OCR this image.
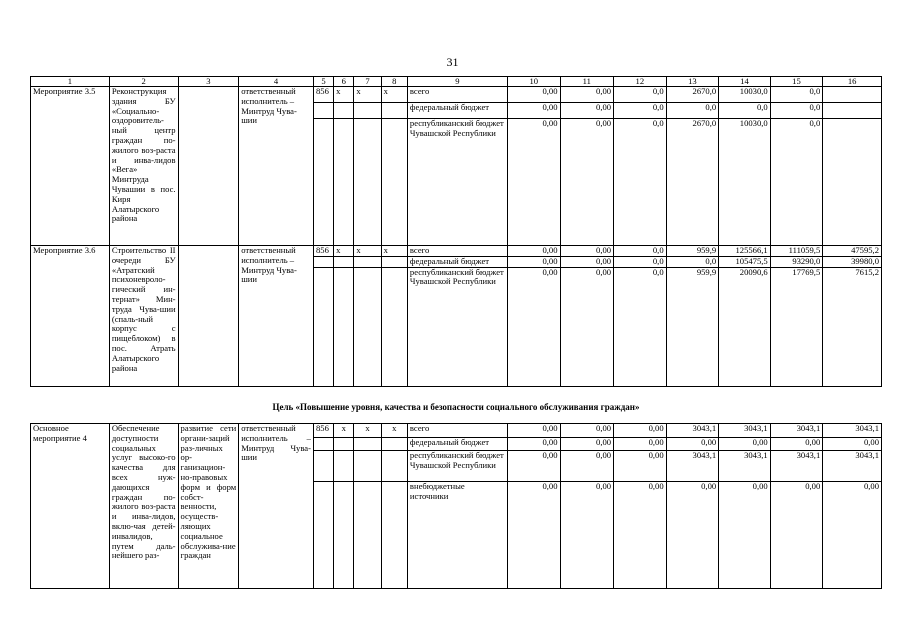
31
1	2	3	4	5	6	7	8	9	10	11	12	13	14	15	16
Мероприятие 3.5	Реконструкция здания БУ «Социально-оздоровитель-ный центр граждан по-жилого воз-раста и инва-лидов «Вега» Минтруда Чувашии в пос. Киря Алатырского района		ответственный исполнитель – Минтруд Чува-шии	856	x	x	x	всего	0,00	0,00	0,0	2670,0	10030,0	0,0	
								федеральный бюджет	0,00	0,00	0,0	0,0	0,0	0,0	
								республиканский бюджет Чувашской Республики	0,00	0,00	0,0	2670,0	10030,0	0,0	
Мероприятие 3.6	Строительство II очереди БУ «Атратский психоневроло-гический ин-тернат» Мин-труда Чува-шии (спаль-ный корпус с пищеблоком) в пос. Атрать Алатырского района		ответственный исполнитель – Минтруд Чува-шии	856	x	x	x	всего	0,00	0,00	0,0	959,9	125566,1	111059,5	47595,2
								федеральный бюджет	0,00	0,00	0,0	0,0	105475,5	93290,0	39980,0
								республиканский бюджет Чувашской Республики	0,00	0,00	0,0	959,9	20090,6	17769,5	7615,2
Цель «Повышение уровня, качества и безопасности социального обслуживания граждан»
Основное мероприятие 4	Обеспечение доступности социальных услуг высоко-го качества для всех нуж-дающихся граждан по-жилого воз-раста и инва-лидов, вклю-чая детей-инвалидов, путем даль-нейшего раз-	развитие сети органи-заций раз-личных ор-ганизацион-но-правовых форм и форм собст-венности, осуществ-ляющих социальное обслужива-ние граждан	ответственный исполнитель – Минтруд Чува-шии	856	x	x	x	всего	0,00	0,00	0,00	3043,1	3043,1	3043,1	3043,1
								федеральный бюджет	0,00	0,00	0,00	0,00	0,00	0,00	0,00
								республиканский бюджет Чувашской Республики	0,00	0,00	0,00	3043,1	3043,1	3043,1	3043,1
								внебюджетные источники	0,00	0,00	0,00	0,00	0,00	0,00	0,00
